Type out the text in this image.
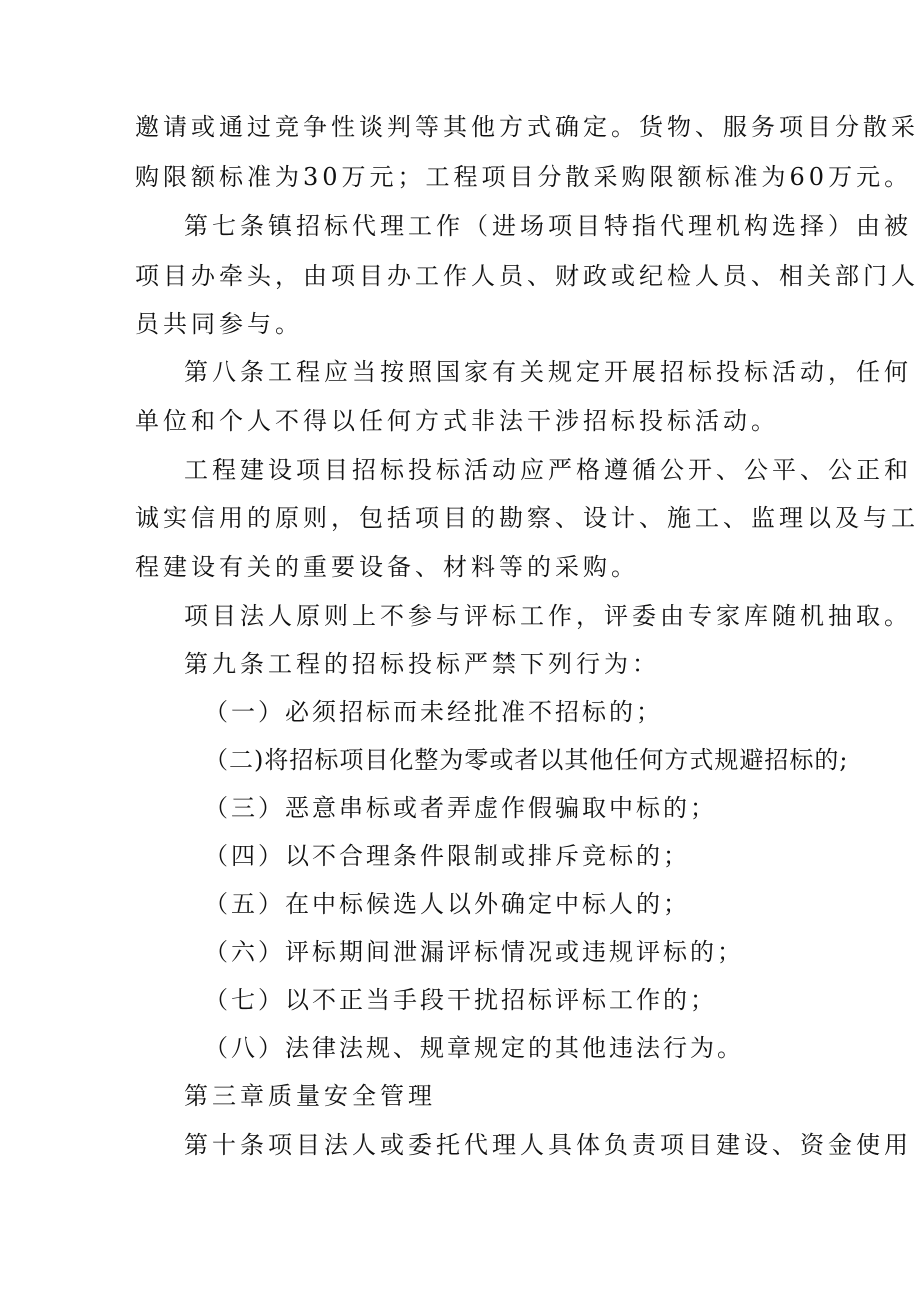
邀请或通过竞争性谈判等其他方式确定。货物、服务项目分散采

购限额标准为30万元；工程项目分散采购限额标准为60万元。

第七条镇招标代理工作（进场项目特指代理机构选择）由被

项目办牵头，由项目办工作人员、财政或纪检人员、相关部门人

员共同参与。

第八条工程应当按照国家有关规定开展招标投标活动，任何

单位和个人不得以任何方式非法干涉招标投标活动。

工程建设项目招标投标活动应严格遵循公开、公平、公正和

诚实信用的原则，包括项目的勘察、设计、施工、监理以及与工

程建设有关的重要设备、材料等的采购。

项目法人原则上不参与评标工作，评委由专家库随机抽取。

第九条工程的招标投标严禁下列行为：

（一）必须招标而未经批准不招标的；

（二)将招标项目化整为零或者以其他任何方式规避招标的;

（三）恶意串标或者弄虚作假骗取中标的；

（四）以不合理条件限制或排斥竞标的；

（五）在中标候选人以外确定中标人的；

（六）评标期间泄漏评标情况或违规评标的；

（七）以不正当手段干扰招标评标工作的；

（八）法律法规、规章规定的其他违法行为。

第三章质量安全管理

第十条项目法人或委托代理人具体负责项目建设、资金使用
